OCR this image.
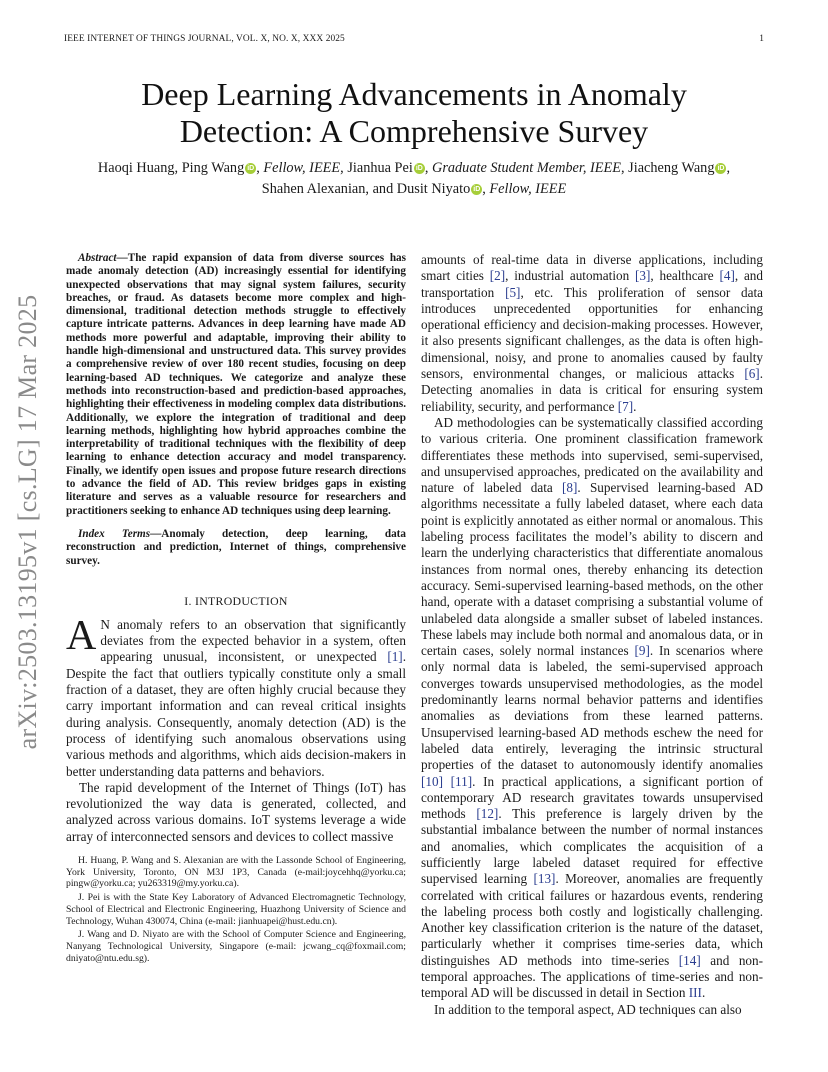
IEEE INTERNET OF THINGS JOURNAL, VOL. X, NO. X, XXX 2025	1
arXiv:2503.13195v1 [cs.LG] 17 Mar 2025
Deep Learning Advancements in Anomaly
Detection: A Comprehensive Survey
Haoqi Huang, Ping Wang iD , Fellow, IEEE, Jianhua Pei iD , Graduate Student Member, IEEE, Jiacheng Wang iD ,
Shahen Alexanian, and Dusit Niyato iD , Fellow, IEEE

Abstract—The rapid expansion of data from diverse sources has made anomaly detection (AD) increasingly essential for identifying unexpected observations that may signal system failures, security breaches, or fraud. As datasets become more complex and high-dimensional, traditional detection methods struggle to effectively capture intricate patterns. Advances in deep learning have made AD methods more powerful and adaptable, improving their ability to handle high-dimensional and unstructured data. This survey provides a comprehensive review of over 180 recent studies, focusing on deep learning-based AD techniques. We categorize and analyze these methods into reconstruction-based and prediction-based approaches, highlighting their effectiveness in modeling complex data distributions. Additionally, we explore the integration of traditional and deep learning methods, highlighting how hybrid approaches combine the interpretability of traditional techniques with the flexibility of deep learning to enhance detection accuracy and model transparency. Finally, we identify open issues and propose future research directions to advance the field of AD. This review bridges gaps in existing literature and serves as a valuable resource for researchers and practitioners seeking to enhance AD techniques using deep learning.

Index Terms—Anomaly detection, deep learning, data reconstruction and prediction, Internet of things, comprehensive survey.

I. INTRODUCTION

A N anomaly refers to an observation that significantly deviates from the expected behavior in a system, often appearing unusual, inconsistent, or unexpected [1]. Despite the fact that outliers typically constitute only a small fraction of a dataset, they are often highly crucial because they carry important information and can reveal critical insights during analysis. Consequently, anomaly detection (AD) is the process of identifying such anomalous observations using various methods and algorithms, which aids decision-makers in better understanding data patterns and behaviors.

The rapid development of the Internet of Things (IoT) has revolutionized the way data is generated, collected, and analyzed across various domains. IoT systems leverage a wide array of interconnected sensors and devices to collect massive

H. Huang, P. Wang and S. Alexanian are with the Lassonde School of Engineering, York University, Toronto, ON M3J 1P3, Canada (e-mail:joycehhq@yorku.ca; pingw@yorku.ca; yu263319@my.yorku.ca).

J. Pei is with the State Key Laboratory of Advanced Electromagnetic Technology, School of Electrical and Electronic Engineering, Huazhong University of Science and Technology, Wuhan 430074, China (e-mail: jianhuapei@hust.edu.cn).

J. Wang and D. Niyato are with the School of Computer Science and Engineering, Nanyang Technological University, Singapore (e-mail: jcwang_cq@foxmail.com; dniyato@ntu.edu.sg).

amounts of real-time data in diverse applications, including smart cities [2], industrial automation [3], healthcare [4], and transportation [5], etc. This proliferation of sensor data introduces unprecedented opportunities for enhancing operational efficiency and decision-making processes. However, it also presents significant challenges, as the data is often high-dimensional, noisy, and prone to anomalies caused by faulty sensors, environmental changes, or malicious attacks [6]. Detecting anomalies in data is critical for ensuring system reliability, security, and performance [7].

AD methodologies can be systematically classified according to various criteria. One prominent classification framework differentiates these methods into supervised, semi-supervised, and unsupervised approaches, predicated on the availability and nature of labeled data [8]. Supervised learning-based AD algorithms necessitate a fully labeled dataset, where each data point is explicitly annotated as either normal or anomalous. This labeling process facilitates the model’s ability to discern and learn the underlying characteristics that differentiate anomalous instances from normal ones, thereby enhancing its detection accuracy. Semi-supervised learning-based methods, on the other hand, operate with a dataset comprising a substantial volume of unlabeled data alongside a smaller subset of labeled instances. These labels may include both normal and anomalous data, or in certain cases, solely normal instances [9]. In scenarios where only normal data is labeled, the semi-supervised approach converges towards unsupervised methodologies, as the model predominantly learns normal behavior patterns and identifies anomalies as deviations from these learned patterns. Unsupervised learning-based AD methods eschew the need for labeled data entirely, leveraging the intrinsic structural properties of the dataset to autonomously identify anomalies [10] [11]. In practical applications, a significant portion of contemporary AD research gravitates towards unsupervised methods [12]. This preference is largely driven by the substantial imbalance between the number of normal instances and anomalies, which complicates the acquisition of a sufficiently large labeled dataset required for effective supervised learning [13]. Moreover, anomalies are frequently correlated with critical failures or hazardous events, rendering the labeling process both costly and logistically challenging. Another key classification criterion is the nature of the dataset, particularly whether it comprises time-series data, which distinguishes AD methods into time-series [14] and non-temporal approaches. The applications of time-series and non-temporal AD will be discussed in detail in Section III.

In addition to the temporal aspect, AD techniques can also
